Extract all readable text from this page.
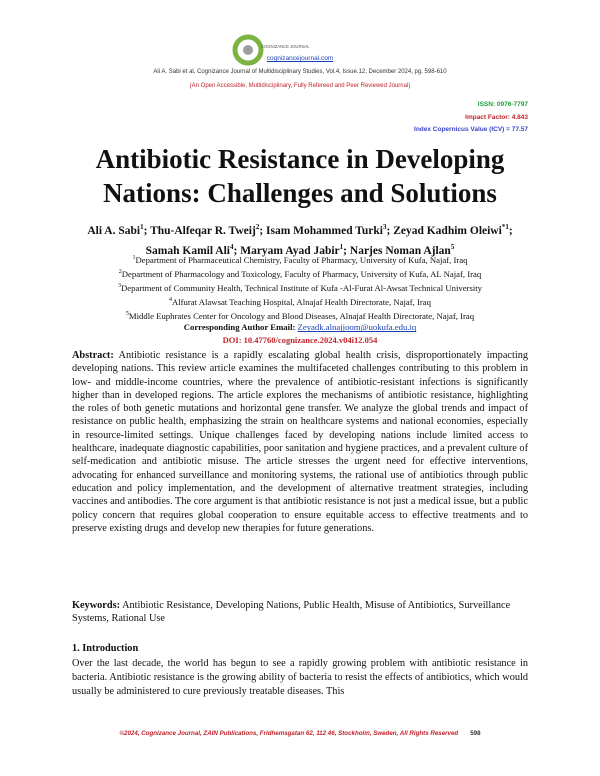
COGNIZANCE JOURNAL
cognizancejournal.com
Ali A. Sabi et al, Cognizance Journal of Multidisciplinary Studies, Vol.4, Issue.12, December 2024, pg. 598-610
(An Open Accessible, Multidisciplinary, Fully Refereed and Peer Reviewed Journal)
ISSN: 0976-7797
Impact Factor: 4.843
Index Copernicus Value (ICV) = 77.57
Antibiotic Resistance in Developing Nations: Challenges and Solutions
Ali A. Sabi$^1$; Thu-Alfeqar R. Tweij$^2$; Isam Mohammed Turki$^3$; Zeyad Kadhim Oleiwi$^{*1}$;
Samah Kamil Ali$^4$; Maryam Ayad Jabir$^1$; Narjes Noman Ajlan$^5$
$^1$Department of Pharmaceutical Chemistry, Faculty of Pharmacy, University of Kufa, Najaf, Iraq
$^2$Department of Pharmacology and Toxicology, Faculty of Pharmacy, University of Kufa, AL Najaf, Iraq
$^3$Department of Community Health, Technical Institute of Kufa -Al-Furat Al-Awsat Technical University
$^4$Alfurat Alawsat Teaching Hospital, Alnajaf Health Directorate, Najaf, Iraq
$^5$Middle Euphrates Center for Oncology and Blood Diseases, Alnajaf Health Directorate, Najaf, Iraq
Corresponding Author Email: Zeyadk.alnajjoom@uokufa.edu.iq
DOI: 10.47760/cognizance.2024.v04i12.054

Abstract: Antibiotic resistance is a rapidly escalating global health crisis, disproportionately impacting developing nations. This review article examines the multifaceted challenges contributing to this problem in low- and middle-income countries, where the prevalence of antibiotic-resistant infections is significantly higher than in developed regions. The article explores the mechanisms of antibiotic resistance, highlighting the roles of both genetic mutations and horizontal gene transfer. We analyze the global trends and impact of resistance on public health, emphasizing the strain on healthcare systems and national economies, especially in resource-limited settings. Unique challenges faced by developing nations include limited access to healthcare, inadequate diagnostic capabilities, poor sanitation and hygiene practices, and a prevalent culture of self-medication and antibiotic misuse. The article stresses the urgent need for effective interventions, advocating for enhanced surveillance and monitoring systems, the rational use of antibiotics through public education and policy implementation, and the development of alternative treatment strategies, including vaccines and antibodies. The core argument is that antibiotic resistance is not just a medical issue, but a public policy concern that requires global cooperation to ensure equitable access to effective treatments and to preserve existing drugs and develop new therapies for future generations.

Keywords: Antibiotic Resistance, Developing Nations, Public Health, Misuse of Antibiotics, Surveillance Systems, Rational Use

1. Introduction

Over the last decade, the world has begun to see a rapidly growing problem with antibiotic resistance in bacteria. Antibiotic resistance is the growing ability of bacteria to resist the effects of antibiotics, which would usually be administered to cure previously treatable diseases. This

©2024, Cognizance Journal, ZAIN Publications, Fridhemsgatan 62, 112 46, Stockholm, Sweden, All Rights Reserved 598
